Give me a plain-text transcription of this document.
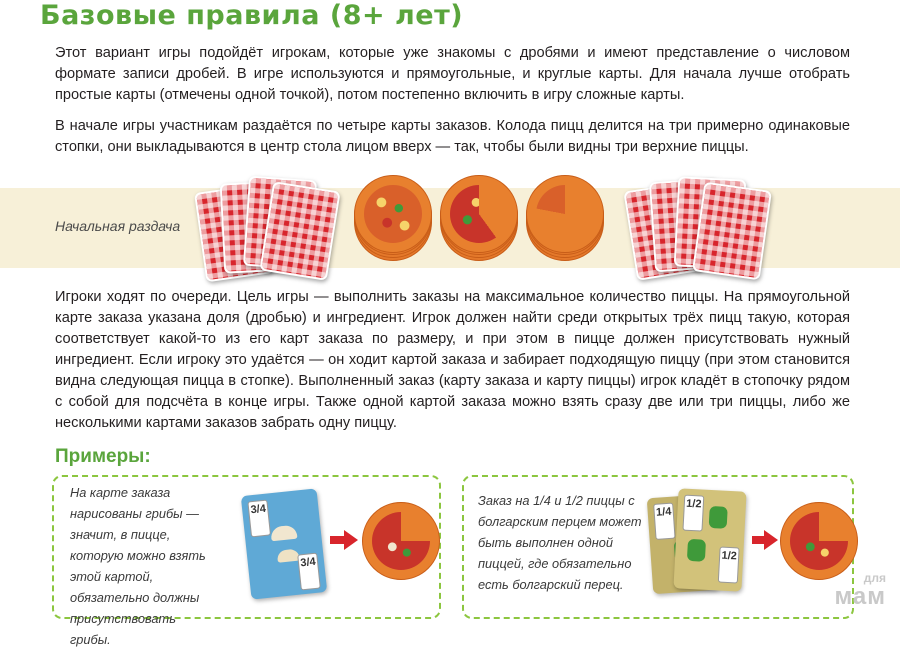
Базовые правила (8+ лет)
Этот вариант игры подойдёт игрокам, которые уже знакомы с дробями и имеют представление о числовом формате записи дробей. В игре используются и прямоугольные, и круглые карты. Для начала лучше отобрать простые карты (отмечены одной точкой), потом постепенно включить в игру сложные карты.
В начале игры участникам раздаётся по четыре карты заказов. Колода пицц делится на три примерно одинаковые стопки, они выкладываются в центр стола лицом вверх — так, чтобы были видны три верхние пиццы.
Начальная раздача
Игроки ходят по очереди. Цель игры — выполнить заказы на максимальное количество пиццы. На прямоугольной карте заказа указана доля (дробью) и ингредиент. Игрок должен найти среди открытых трёх пицц такую, которая соответствует какой-то из его карт заказа по размеру, и при этом в пицце должен присутствовать нужный ингредиент. Если игроку это удаётся — он ходит картой заказа и забирает подходящую пиццу (при этом становится видна следующая пицца в стопке). Выполненный заказ (карту заказа и карту пиццы) игрок кладёт в стопочку рядом с собой для подсчёта в конце игры. Также одной картой заказа можно взять сразу две или три пиццы, либо же несколькими картами заказов забрать одну пиццу.
Примеры:
На карте заказа нарисованы грибы — значит, в пицце, которую можно взять этой картой, обязательно должны присутствовать грибы.
3/4
3/4
Заказ на 1/4 и 1/2 пиццы с болгарским перцем может быть выполнен одной пиццей, где обязательно есть болгарский перец.
1/4
1/2
1/2
для
мам
